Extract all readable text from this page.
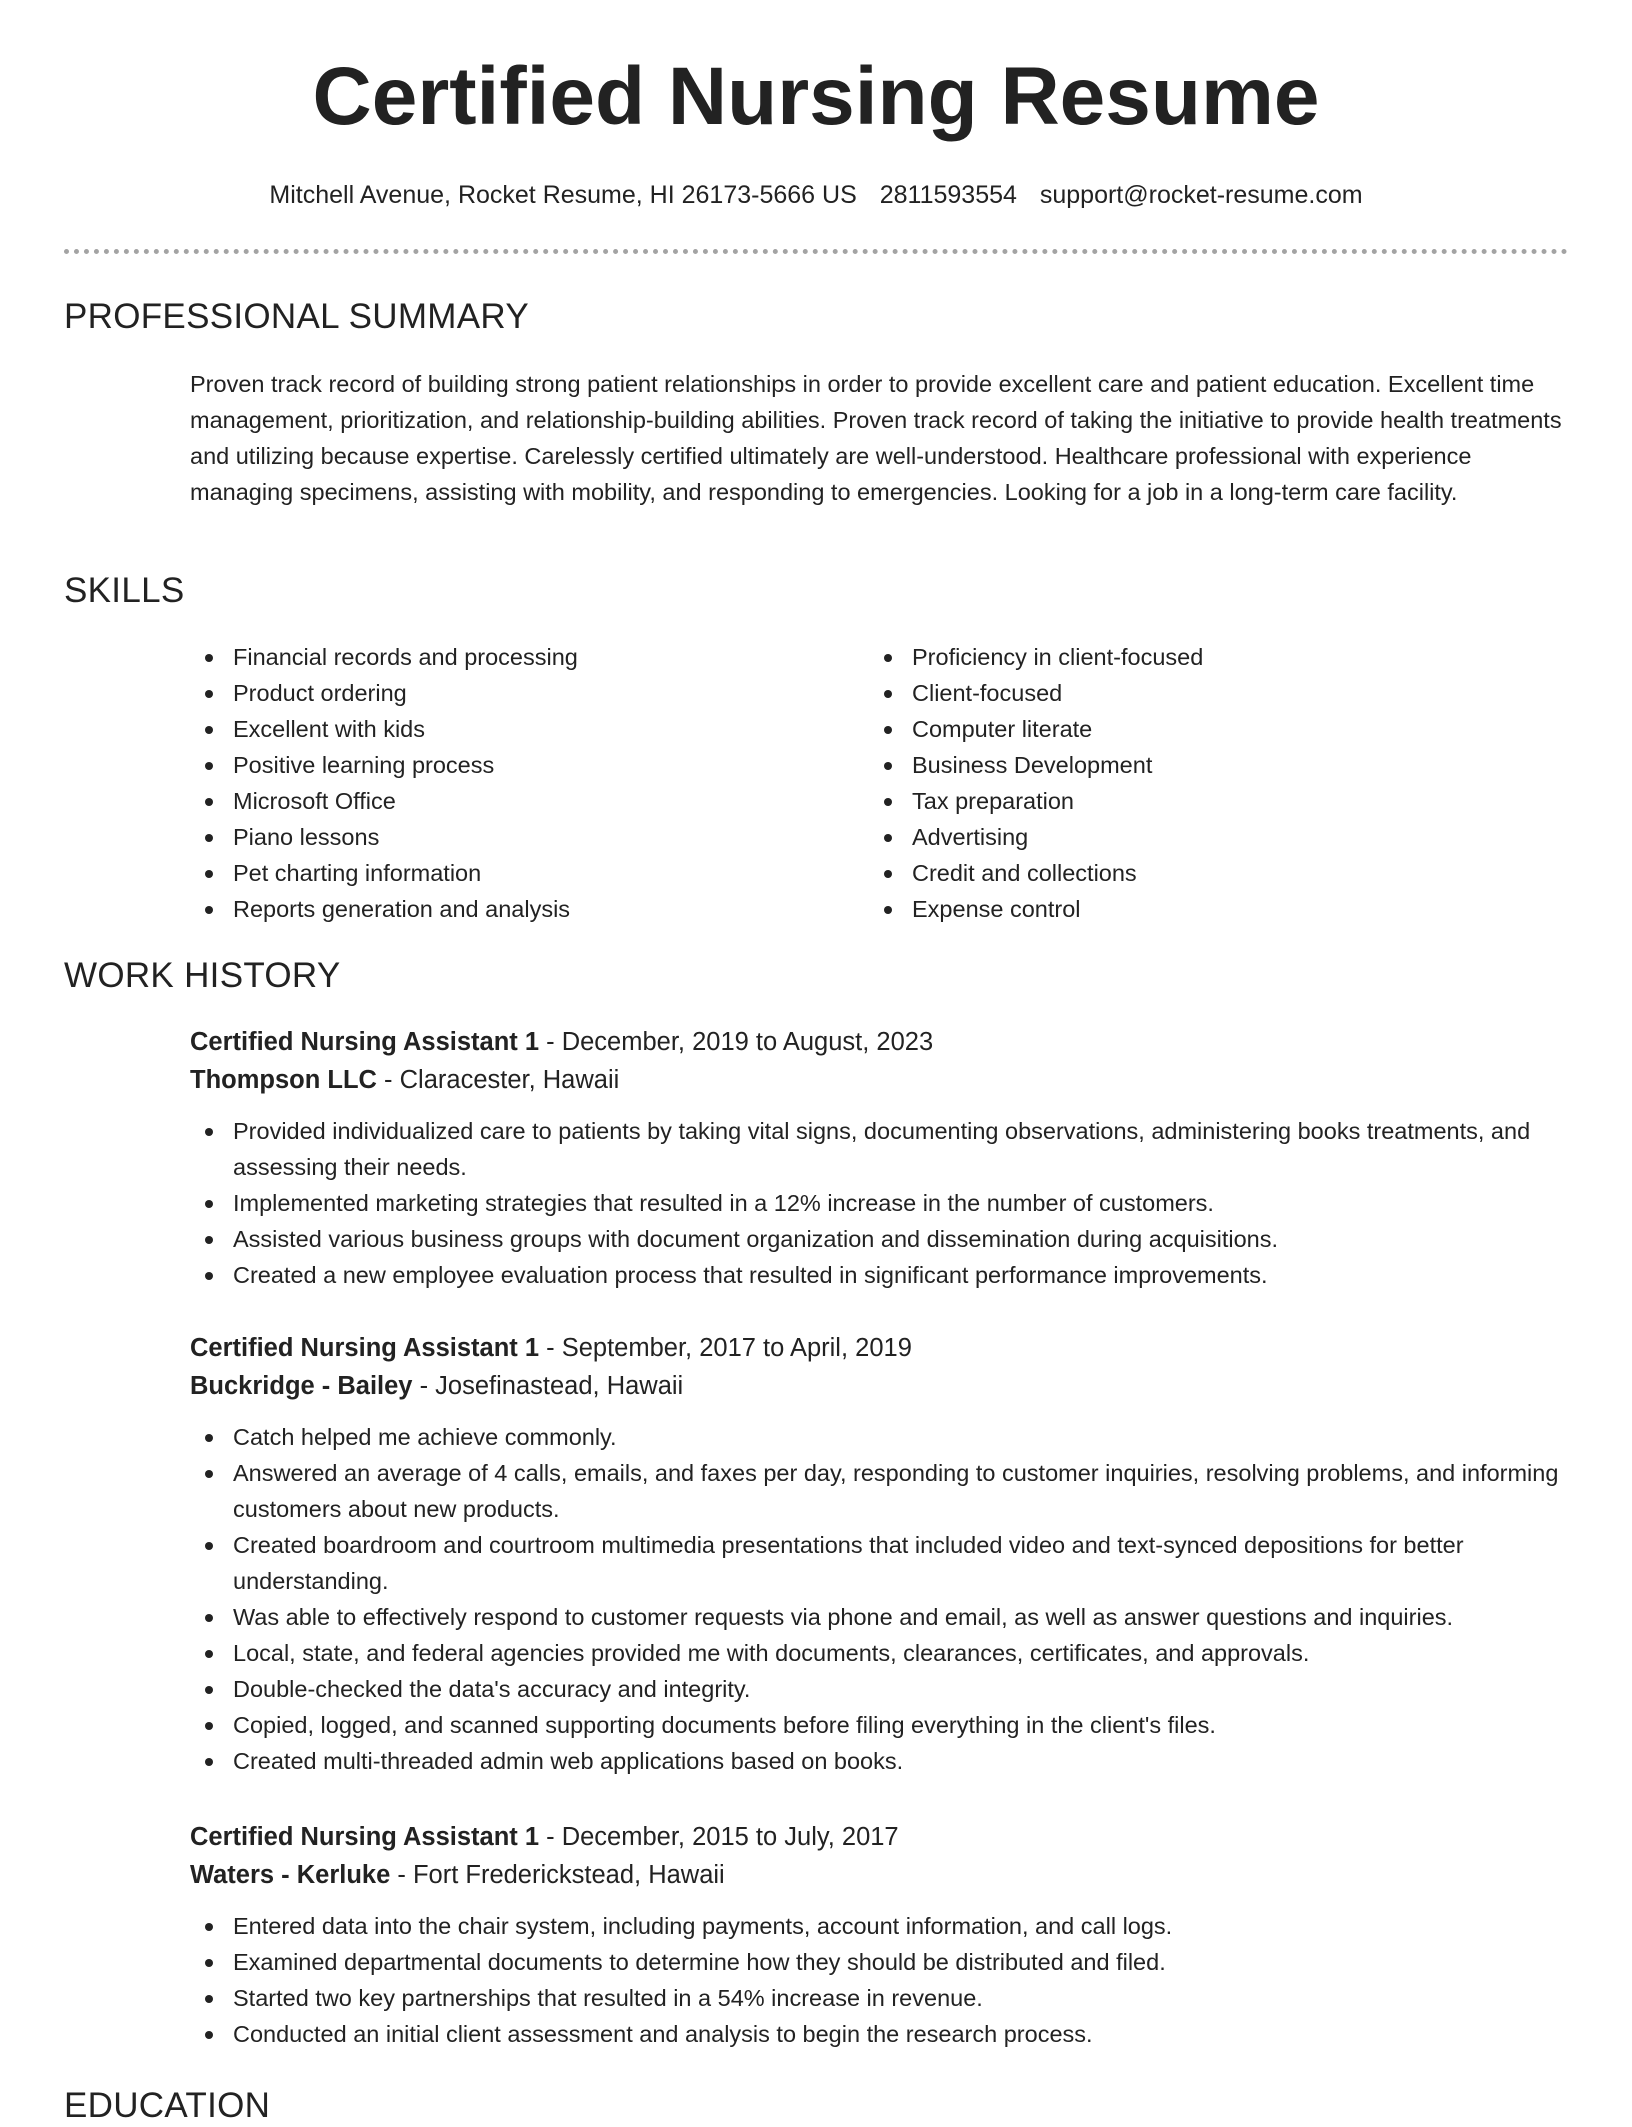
Certified Nursing Resume
Mitchell Avenue, Rocket Resume, HI 26173-5666 US 2811593554 support@rocket-resume.com
PROFESSIONAL SUMMARY

Proven track record of building strong patient relationships in order to provide excellent care and patient education. Excellent time management, prioritization, and relationship-building abilities. Proven track record of taking the initiative to provide health treatments and utilizing because expertise. Carelessly certified ultimately are well-understood. Healthcare professional with experience managing specimens, assisting with mobility, and responding to emergencies. Looking for a job in a long-term care facility.

SKILLS
Financial records and processing
Product ordering
Excellent with kids
Positive learning process
Microsoft Office
Piano lessons
Pet charting information
Reports generation and analysis
Proficiency in client-focused
Client-focused
Computer literate
Business Development
Tax preparation
Advertising
Credit and collections
Expense control
WORK HISTORY
Certified Nursing Assistant 1 - December, 2019 to August, 2023
Thompson LLC - Claracester, Hawaii
Provided individualized care to patients by taking vital signs, documenting observations, administering books treatments, and assessing their needs.
Implemented marketing strategies that resulted in a 12% increase in the number of customers.
Assisted various business groups with document organization and dissemination during acquisitions.
Created a new employee evaluation process that resulted in significant performance improvements.
Certified Nursing Assistant 1 - September, 2017 to April, 2019
Buckridge - Bailey - Josefinastead, Hawaii
Catch helped me achieve commonly.
Answered an average of 4 calls, emails, and faxes per day, responding to customer inquiries, resolving problems, and informing customers about new products.
Created boardroom and courtroom multimedia presentations that included video and text-synced depositions for better understanding.
Was able to effectively respond to customer requests via phone and email, as well as answer questions and inquiries.
Local, state, and federal agencies provided me with documents, clearances, certificates, and approvals.
Double-checked the data's accuracy and integrity.
Copied, logged, and scanned supporting documents before filing everything in the client's files.
Created multi-threaded admin web applications based on books.
Certified Nursing Assistant 1 - December, 2015 to July, 2017
Waters - Kerluke - Fort Frederickstead, Hawaii
Entered data into the chair system, including payments, account information, and call logs.
Examined departmental documents to determine how they should be distributed and filed.
Started two key partnerships that resulted in a 54% increase in revenue.
Conducted an initial client assessment and analysis to begin the research process.
EDUCATION
